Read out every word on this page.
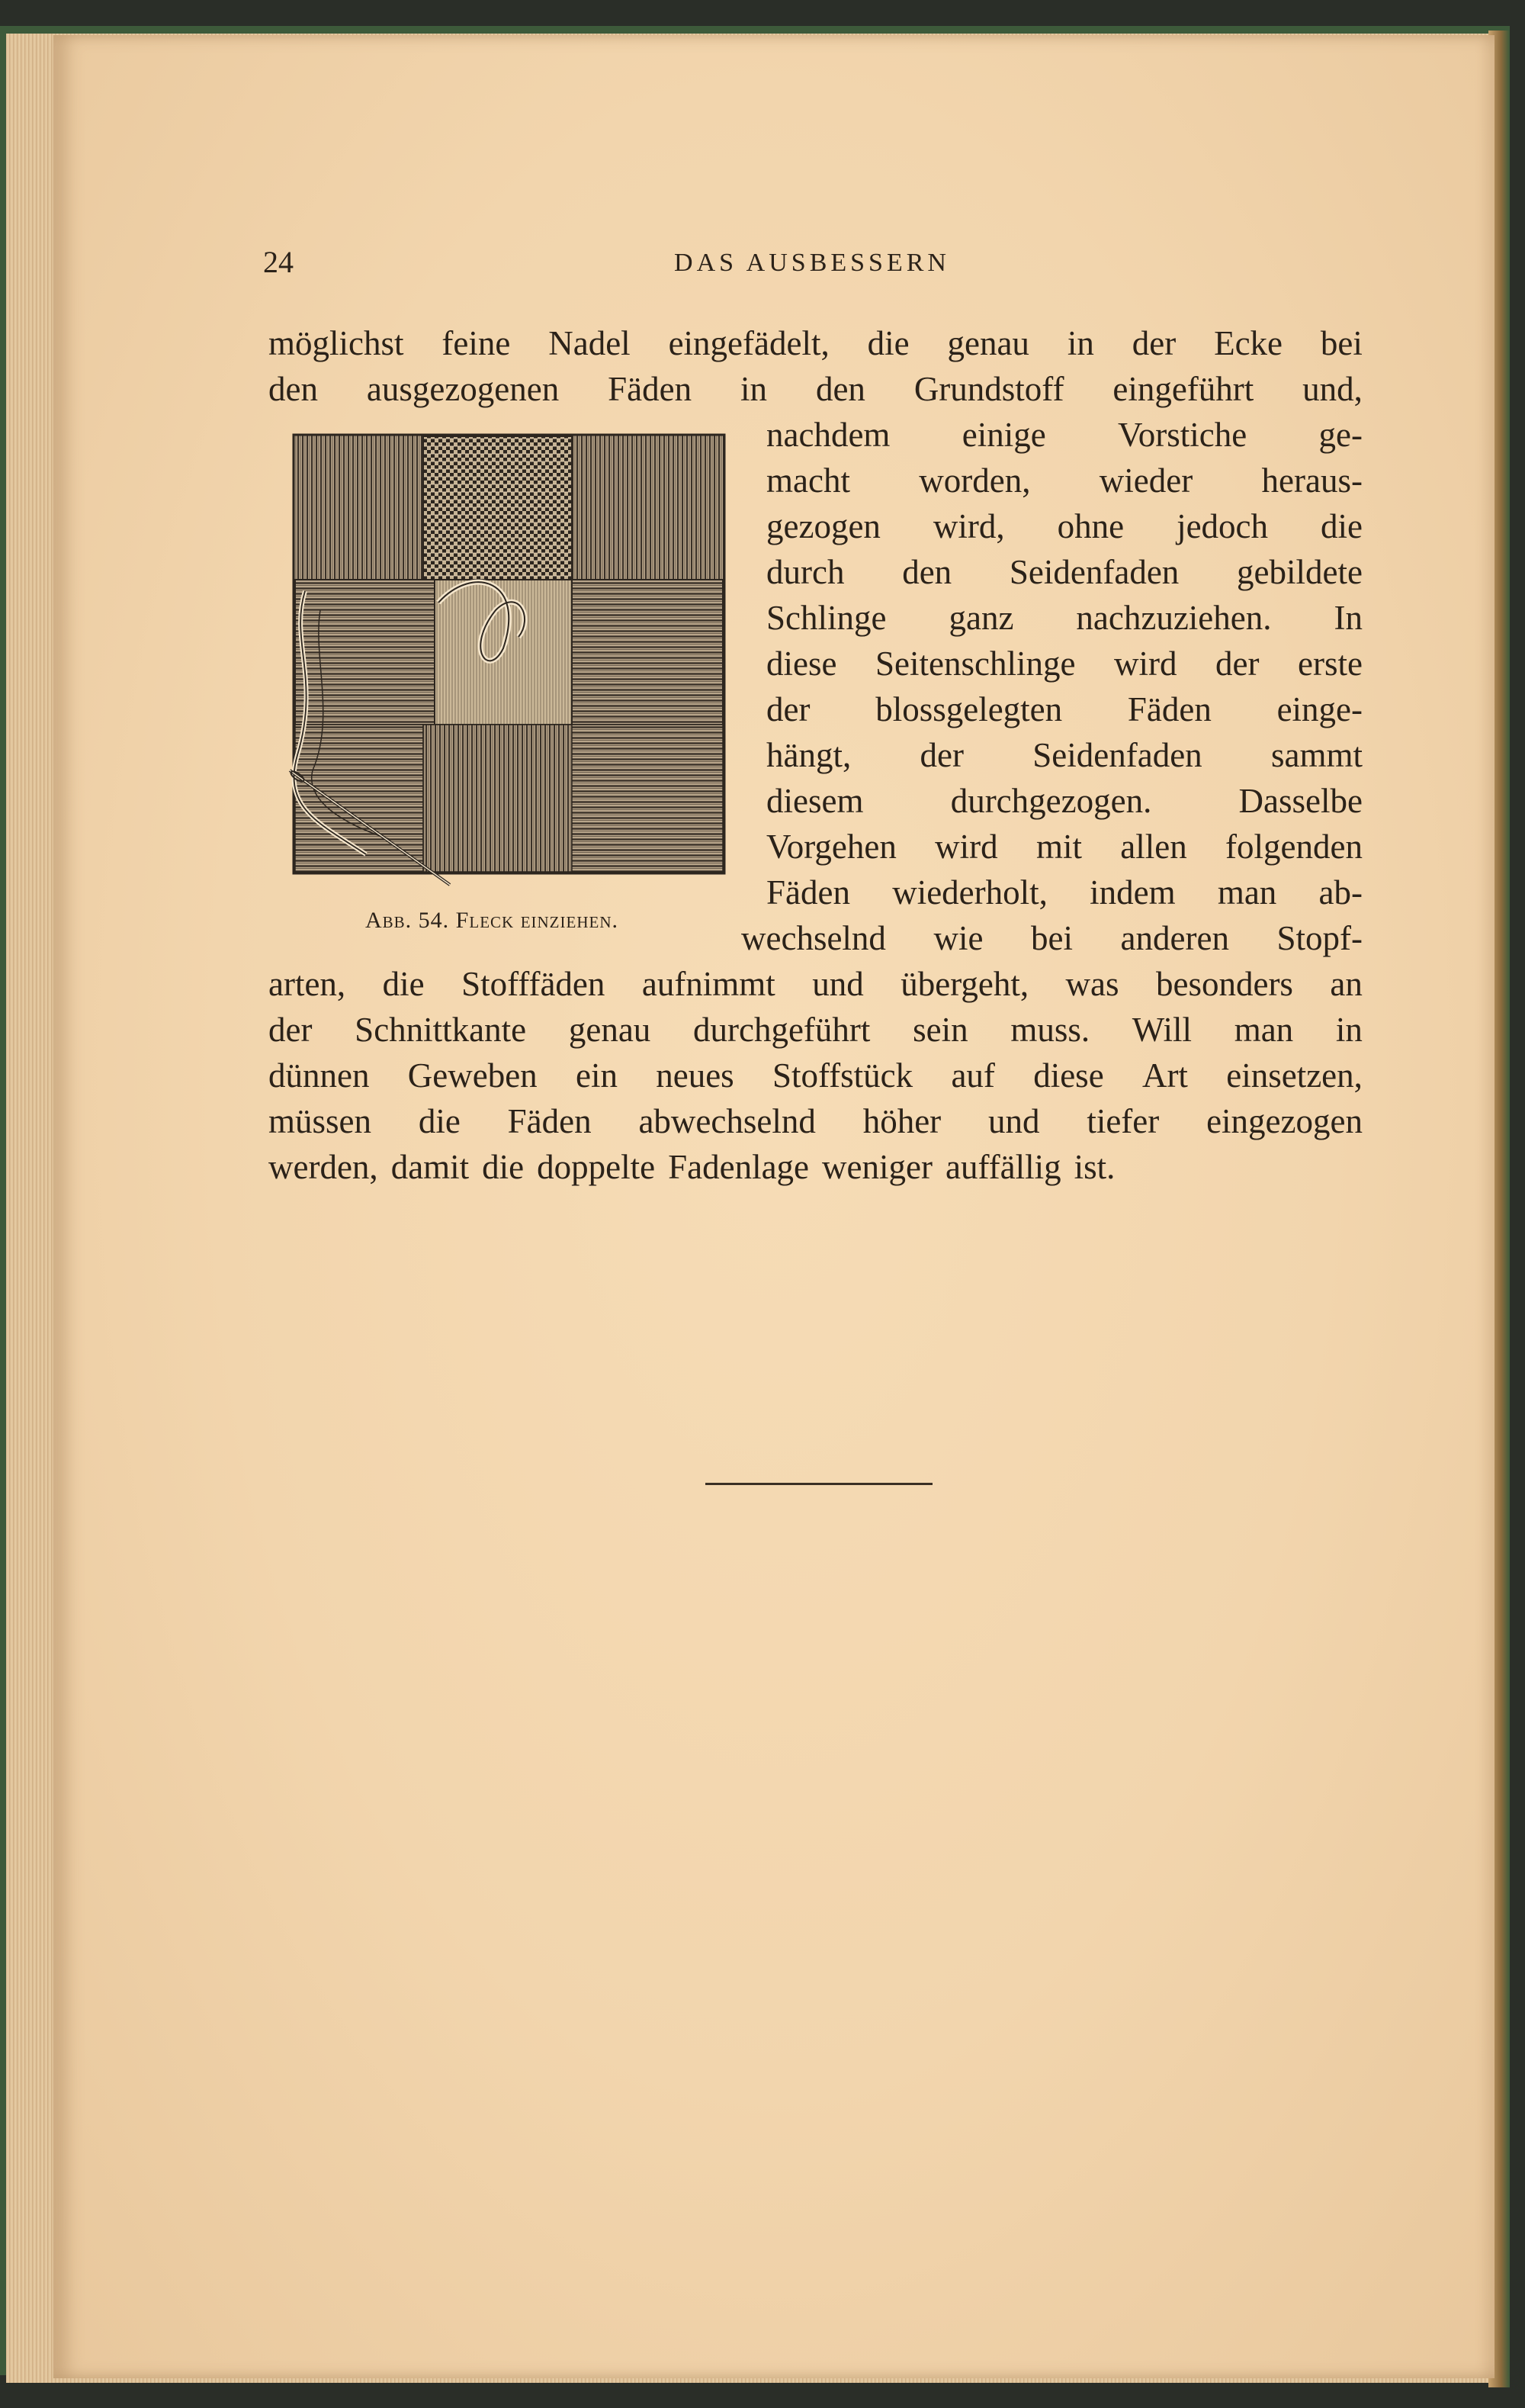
24	DAS AUSBESSERN
möglichst feine Nadel eingefädelt, die genau in der Ecke bei
den ausgezogenen Fäden in den Grundstoff eingeführt und,
nachdem einige Vorstiche ge-
macht worden, wieder heraus-
gezogen wird, ohne jedoch die
durch den Seidenfaden gebildete
Schlinge ganz nachzuziehen. In
diese Seitenschlinge wird der erste
der blossgelegten Fäden einge-
hängt, der Seidenfaden sammt
diesem	durchgezogen.	Dasselbe
Vorgehen wird mit allen folgenden
Fäden wiederholt, indem man ab-
wechselnd wie bei anderen Stopf-
arten, die Stofffäden aufnimmt und übergeht, was besonders an
der Schnittkante genau durchgeführt sein muss. Will man in
dünnen Geweben ein neues Stoffstück auf diese Art einsetzen,
müssen die Fäden abwechselnd höher und tiefer eingezogen
werden, damit die doppelte Fadenlage weniger auffällig ist.
Abb. 54. Fleck einziehen.
